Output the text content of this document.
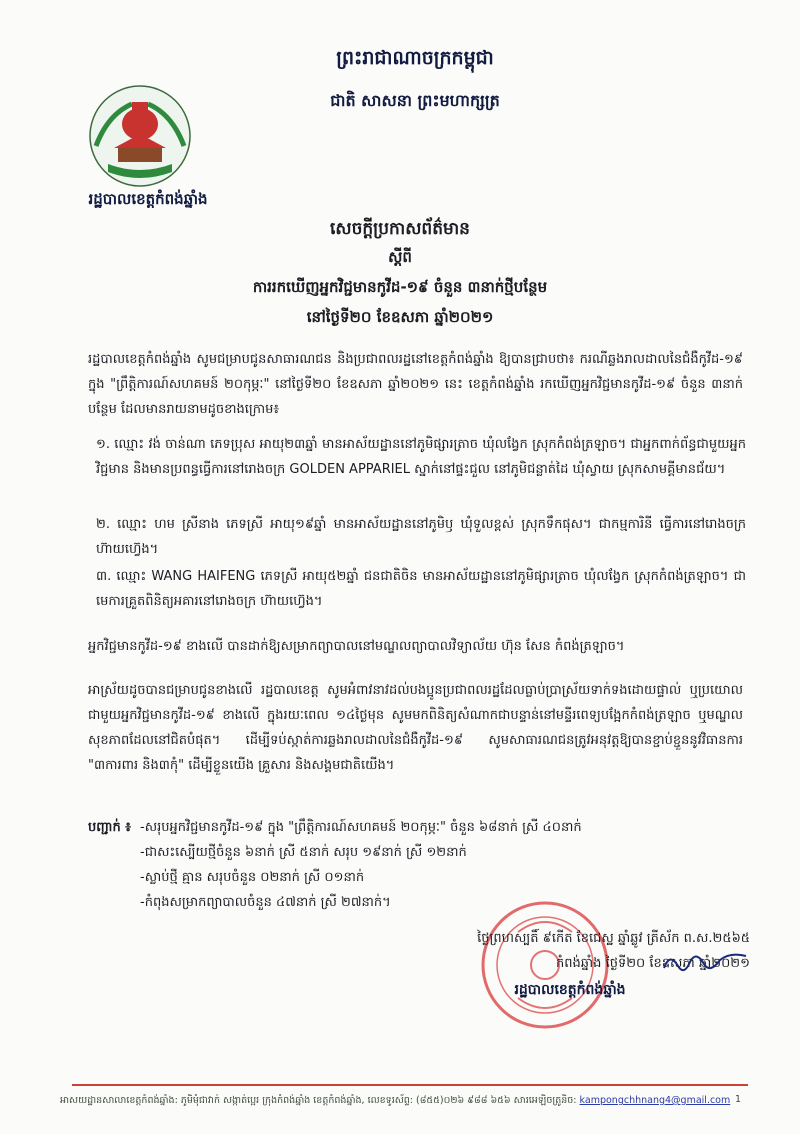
ព្រះរាជាណាចក្រកម្ពុជា
ជាតិ សាសនា ព្រះមហាក្សត្រ
រដ្ឋបាលខេត្តកំពង់ឆ្នាំង
សេចក្តីប្រកាសព័ត៌មាន
ស្តីពី
ការរកឃើញអ្នកវិជ្ជមានកូវីដ-១៩ ចំនួន ៣នាក់ថ្មីបន្ថែម
នៅថ្ងៃទី២០ ខែឧសភា ឆ្នាំ២០២១
រដ្ឋបាលខេត្តកំពង់ឆ្នាំង សូមជម្រាបជូនសាធារណជន និងប្រជាពលរដ្ឋនៅខេត្តកំពង់ឆ្នាំង ឱ្យបានជ្រាបថា៖ ករណីឆ្លងរាលដាលនៃជំងឺកូវីដ-១៩ ក្នុង "ព្រឹត្តិការណ៍សហគមន៍ ២០កុម្ភៈ" នៅថ្ងៃទី២០ ខែឧសភា ឆ្នាំ២០២១ នេះ ខេត្តកំពង់ឆ្នាំង រកឃើញអ្នកវិជ្ជមានកូវីដ-១៩ ចំនួន ៣នាក់បន្ថែម ដែលមានរាយនាមដូចខាងក្រោម៖
១. ឈ្មោះ វង់ ចាន់ណា ភេទប្រុស អាយុ២៣ឆ្នាំ មានអាស័យដ្ឋាននៅភូមិផ្សារត្រាច ឃុំលង្វែក ស្រុកកំពង់ត្រឡាច។ ជាអ្នកពាក់ព័ន្ធជាមួយអ្នកវិជ្ជមាន និងមានប្រពន្ធធ្វើការនៅរោងចក្រ GOLDEN APPARIEL ស្នាក់នៅផ្ទះជួល នៅភូមិជន្លាត់ដៃ ឃុំស្វាយ ស្រុកសាមគ្គីមានជ័យ។
២. ឈ្មោះ ហម ស្រីនាង ភេទស្រី អាយុ១៩ឆ្នាំ មានអាស័យដ្ឋាននៅភូមិឫ ឃុំទួលខ្ពស់ ស្រុកទឹកផុស។ ជាកម្មការិនី ធ្វើការនៅរោងចក្រ ហ៊ាយហ្វ៊េង។
៣. ឈ្មោះ WANG HAIFENG ភេទស្រី អាយុ៥២ឆ្នាំ ជនជាតិចិន មានអាស័យដ្ឋាននៅភូមិផ្សារត្រាច ឃុំលង្វែក ស្រុកកំពង់ត្រឡាច។ ជាមេការគ្រួតពិនិត្យអគារនៅរោងចក្រ ហ៊ាយហ្វ៊េង។
អ្នកវិជ្ជមានកូវីដ-១៩ ខាងលើ បានដាក់ឱ្យសម្រាកព្យាបាលនៅមណ្ឌលព្យាបាលវិទ្យាល័យ ហ៊ុន សែន កំពង់ត្រឡាច។
អាស្រ័យដូចបានជម្រាបជូនខាងលើ រដ្ឋបាលខេត្ត សូមអំពាវនាវដល់បងប្អូនប្រជាពលរដ្ឋដែលធ្លាប់ប្រាស្រ័យទាក់ទងដោយផ្ទាល់ ឬប្រយោលជាមួយអ្នកវិជ្ជមានកូវីដ-១៩ ខាងលើ ក្នុងរយៈពេល ១៤ថ្ងៃមុន សូមមកពិនិត្យសំណាកជាបន្ទាន់នៅមន្ទីរពេទ្យបង្អែកកំពង់ត្រឡាច ឬមណ្ឌលសុខភាពដែលនៅជិតបំផុត។ ដើម្បីទប់ស្កាត់ការឆ្លងរាលដាលនៃជំងឺកូវីដ-១៩ សូមសាធារណជនត្រូវអនុវត្តឱ្យបានខ្ជាប់ខ្ជួននូវវិធានការ "៣ការពារ និង៣កុំ" ដើម្បីខ្លួនយើង គ្រួសារ និងសង្គមជាតិយើង។
បញ្ជាក់ ៖ -សរុបអ្នកវិជ្ជមានកូវីដ-១៩ ក្នុង "ព្រឹត្តិការណ៍សហគមន៍ ២០កុម្ភៈ" ចំនួន ៦៨នាក់ ស្រី ៤០នាក់
-ជាសះស្បើយថ្មីចំនួន ៦នាក់ ស្រី ៥នាក់ សរុប ១៩នាក់ ស្រី ១២នាក់
-ស្លាប់ថ្មី គ្មាន សរុបចំនួន ០២នាក់ ស្រី ០១នាក់
-កំពុងសម្រាកព្យាបាលចំនួន ៤៧នាក់ ស្រី ២៧នាក់។
ថ្ងៃព្រហស្បតិ៍ ៩កើត ខែជេស្ឋ ឆ្នាំឆ្លូវ ត្រីស័ក ព.ស.២៥៦៥
កំពង់ឆ្នាំង ថ្ងៃទី២០ ខែឧសភា ឆ្នាំ២០២១
រដ្ឋបាលខេត្តកំពង់ឆ្នាំង
អាសយដ្ឋានសាលាខេត្តកំពង់ឆ្នាំង: ភូមិមុំជាវាក់ សង្កាត់ប្អេរ ក្រុងកំពង់ឆ្នាំង ខេត្តកំពង់ឆ្នាំង, លេខទូរស័ព្ទ: (៨៥៥)០២៦ ៩៨៨ ៦៥៦ សារអេឡិចត្រូនិច: kampongchhnang4@gmail.com 1
